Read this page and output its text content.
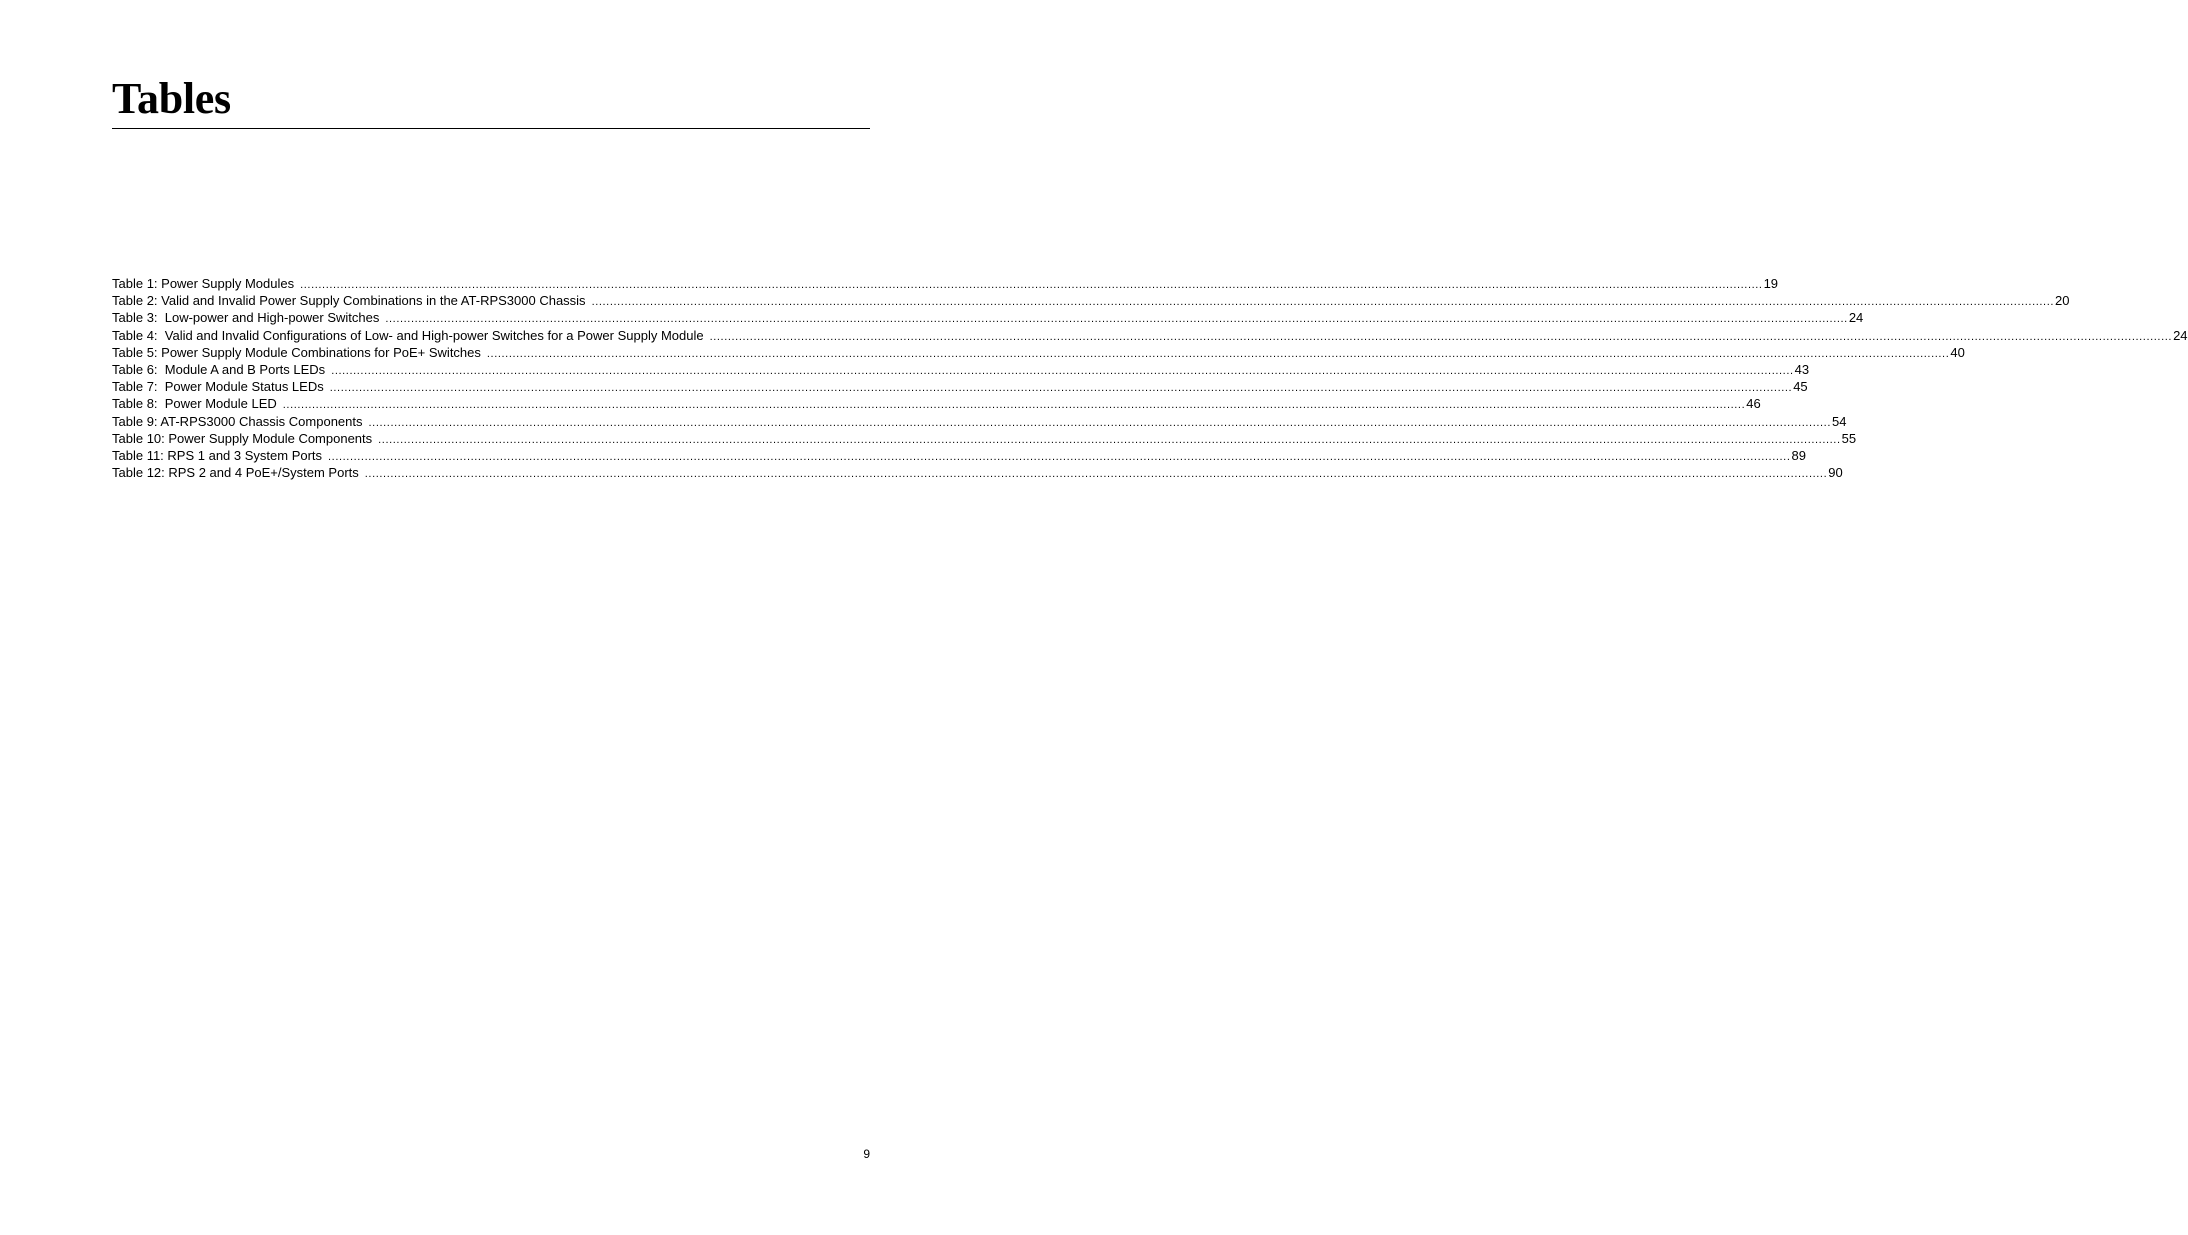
Tables
Table 1: Power Supply Modules ................................................................................................................................................................................................................................................................................................................................................................................................................ 19
Table 2: Valid and Invalid Power Supply Combinations in the AT-RPS3000 Chassis ................................................................................................................................................................................................................................................................................................................................................................................................................ 20
Table 3:  Low-power and High-power Switches ................................................................................................................................................................................................................................................................................................................................................................................................................ 24
Table 4:  Valid and Invalid Configurations of Low- and High-power Switches for a Power Supply Module ................................................................................................................................................................................................................................................................................................................................................................................................................ 24
Table 5: Power Supply Module Combinations for PoE+ Switches ................................................................................................................................................................................................................................................................................................................................................................................................................ 40
Table 6:  Module A and B Ports LEDs ................................................................................................................................................................................................................................................................................................................................................................................................................ 43
Table 7:  Power Module Status LEDs ................................................................................................................................................................................................................................................................................................................................................................................................................ 45
Table 8:  Power Module LED ................................................................................................................................................................................................................................................................................................................................................................................................................ 46
Table 9: AT-RPS3000 Chassis Components ................................................................................................................................................................................................................................................................................................................................................................................................................ 54
Table 10: Power Supply Module Components ................................................................................................................................................................................................................................................................................................................................................................................................................ 55
Table 11: RPS 1 and 3 System Ports ................................................................................................................................................................................................................................................................................................................................................................................................................ 89
Table 12: RPS 2 and 4 PoE+/System Ports ................................................................................................................................................................................................................................................................................................................................................................................................................ 90
9
